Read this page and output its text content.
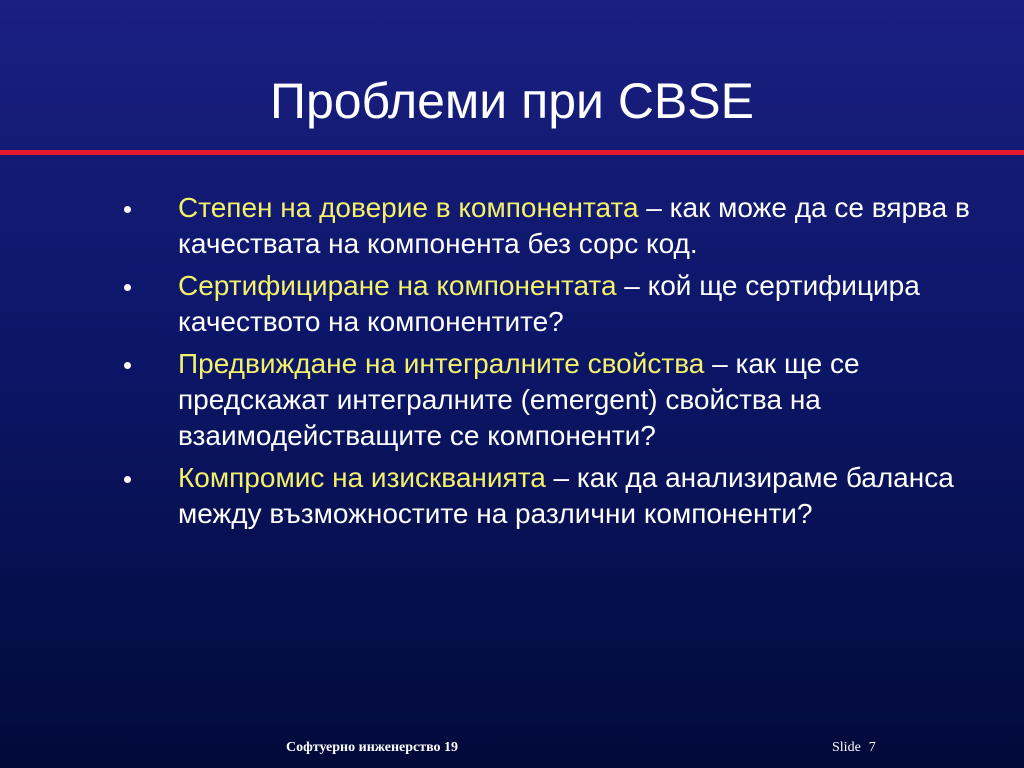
Проблеми при CBSE
Степен на доверие в компонентата – как може да се вярва в качествата на компонента без сорс код.
Сертифициране на компонентата – кой ще сертифицира качеството на компонентите?
Предвиждане на интегралните свойства – как ще се предскажат интегралните (emergent) свойства на взаимодействащите се компоненти?
Компромис на изискванията – как да анализираме баланса между възможностите на различни компоненти?
Софтуерно инженерство 19	Slide 7
